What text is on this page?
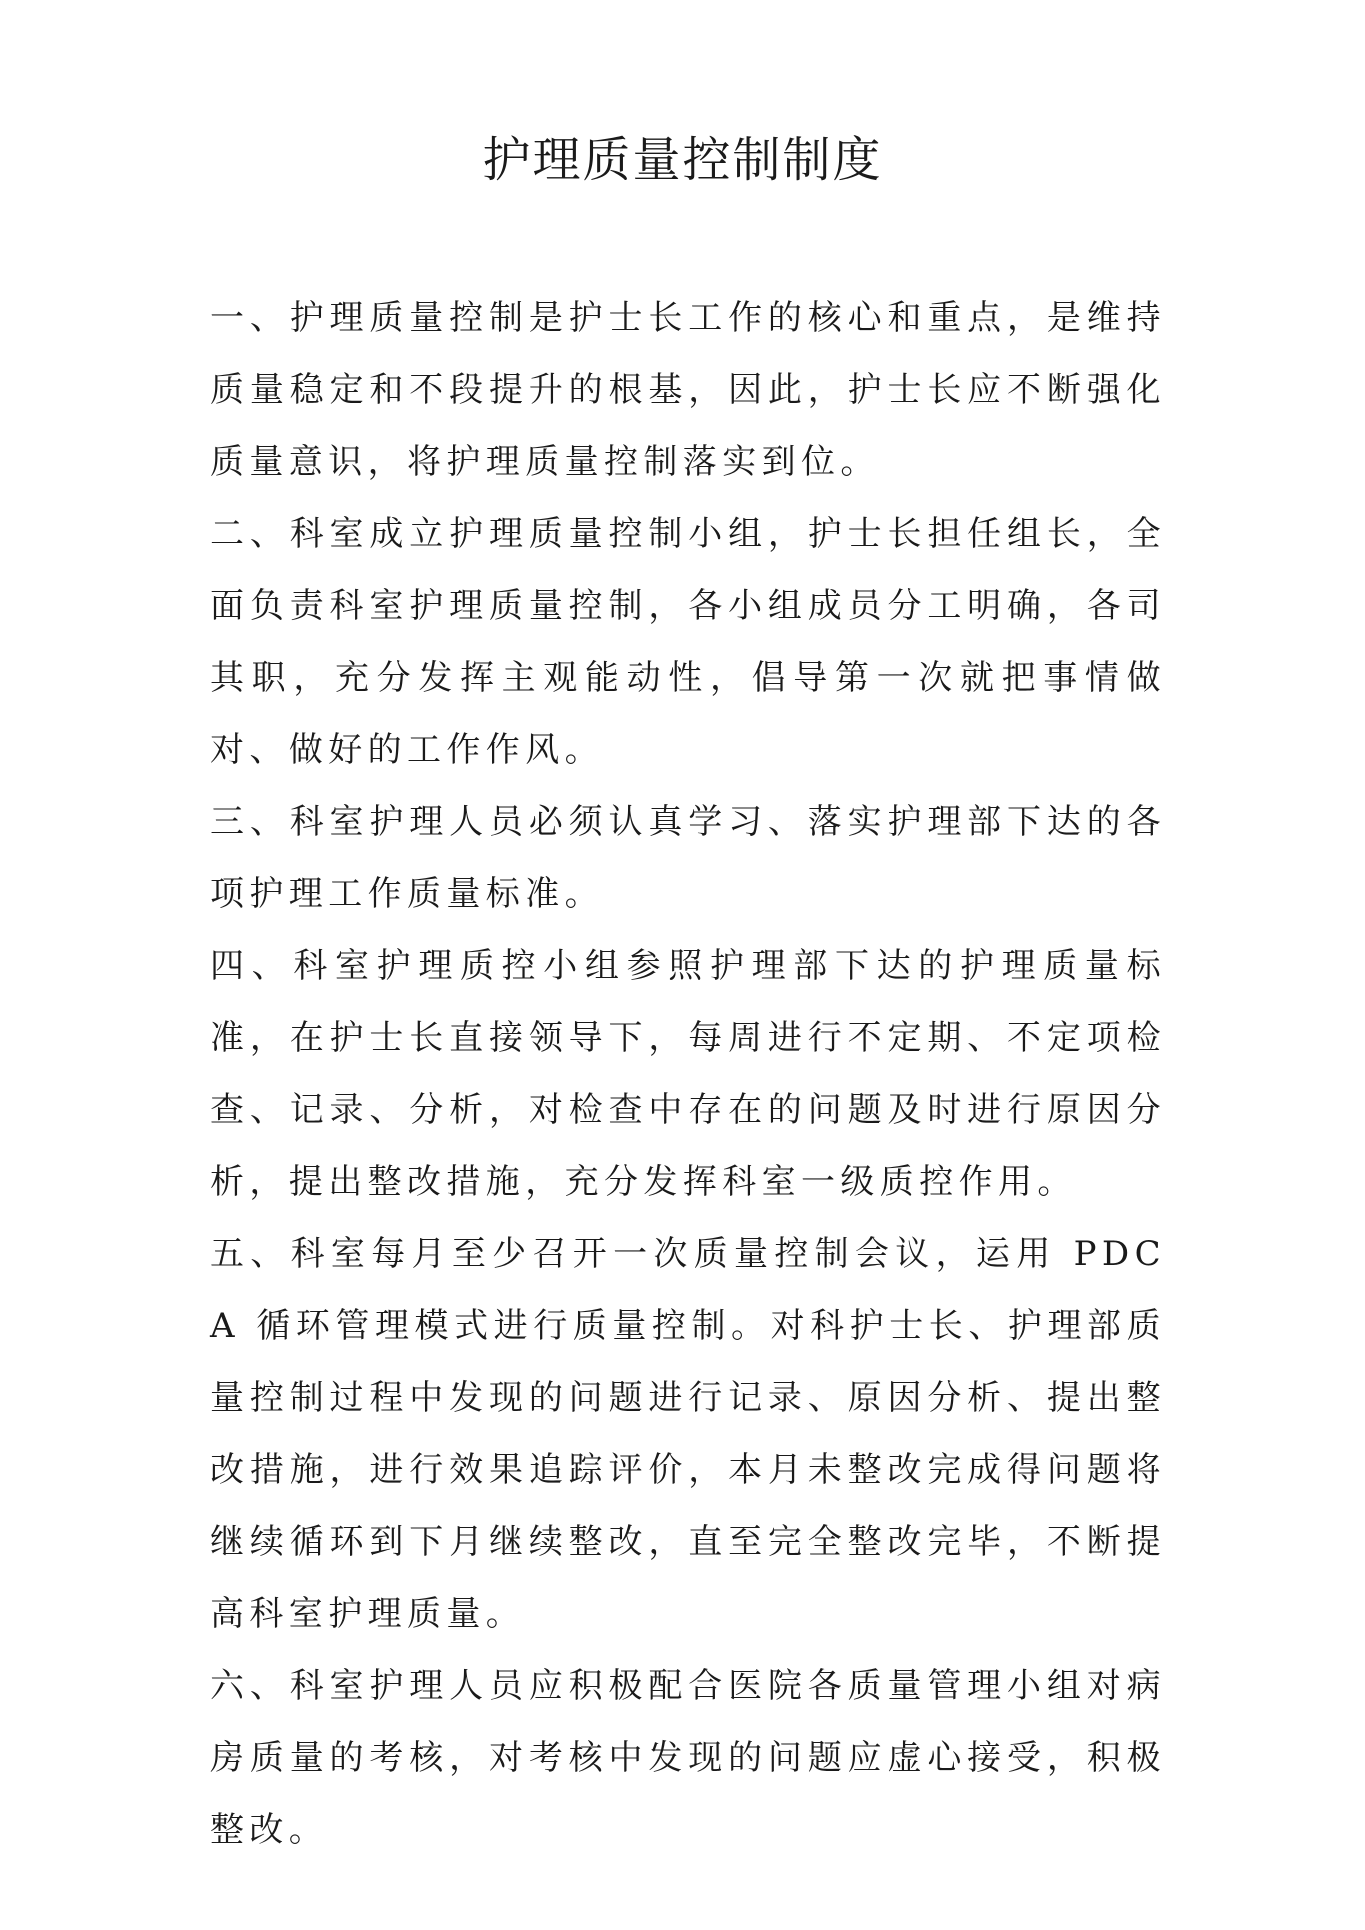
护理质量控制制度

一、护理质量控制是护士长工作的核心和重点，是维持质量稳定和不段提升的根基，因此，护士长应不断强化质量意识，将护理质量控制落实到位。

二、科室成立护理质量控制小组，护士长担任组长，全面负责科室护理质量控制，各小组成员分工明确，各司其职，充分发挥主观能动性，倡导第一次就把事情做对、做好的工作作风。

三、科室护理人员必须认真学习、落实护理部下达的各项护理工作质量标准。

四、科室护理质控小组参照护理部下达的护理质量标准，在护士长直接领导下，每周进行不定期、不定项检查、记录、分析，对检查中存在的问题及时进行原因分析，提出整改措施，充分发挥科室一级质控作用。

五、科室每月至少召开一次质量控制会议，运用 PDCA 循环管理模式进行质量控制。对科护士长、护理部质量控制过程中发现的问题进行记录、原因分析、提出整改措施，进行效果追踪评价，本月未整改完成得问题将继续循环到下月继续整改，直至完全整改完毕，不断提高科室护理质量。

六、科室护理人员应积极配合医院各质量管理小组对病房质量的考核，对考核中发现的问题应虚心接受，积极整改。
